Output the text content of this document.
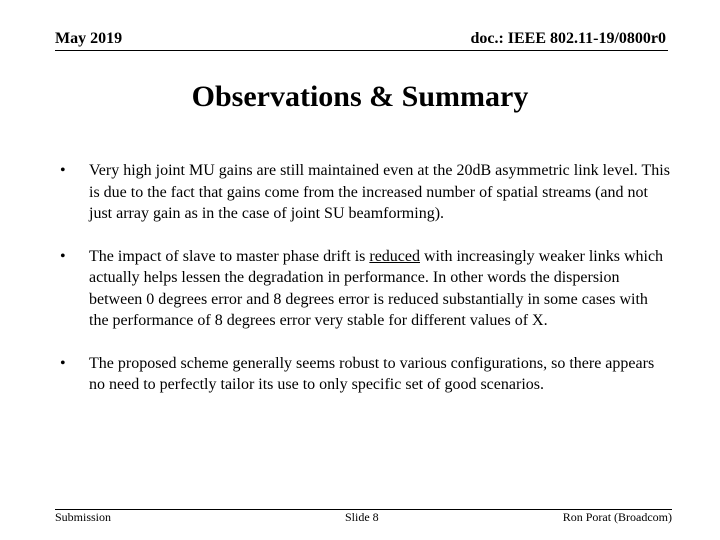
May 2019	doc.: IEEE 802.11-19/0800r0
Observations & Summary
• Very high joint MU gains are still maintained even at the 20dB asymmetric link level. This is due to the fact that gains come from the increased number of spatial streams (and not just array gain as in the case of joint SU beamforming).
• The impact of slave to master phase drift is reduced with increasingly weaker links which actually helps lessen the degradation in performance. In other words the dispersion between 0 degrees error and 8 degrees error is reduced substantially in some cases with the performance of 8 degrees error very stable for different values of X.
• The proposed scheme generally seems robust to various configurations, so there appears no need to perfectly tailor its use to only specific set of good scenarios.
Submission	Slide 8	Ron Porat (Broadcom)
